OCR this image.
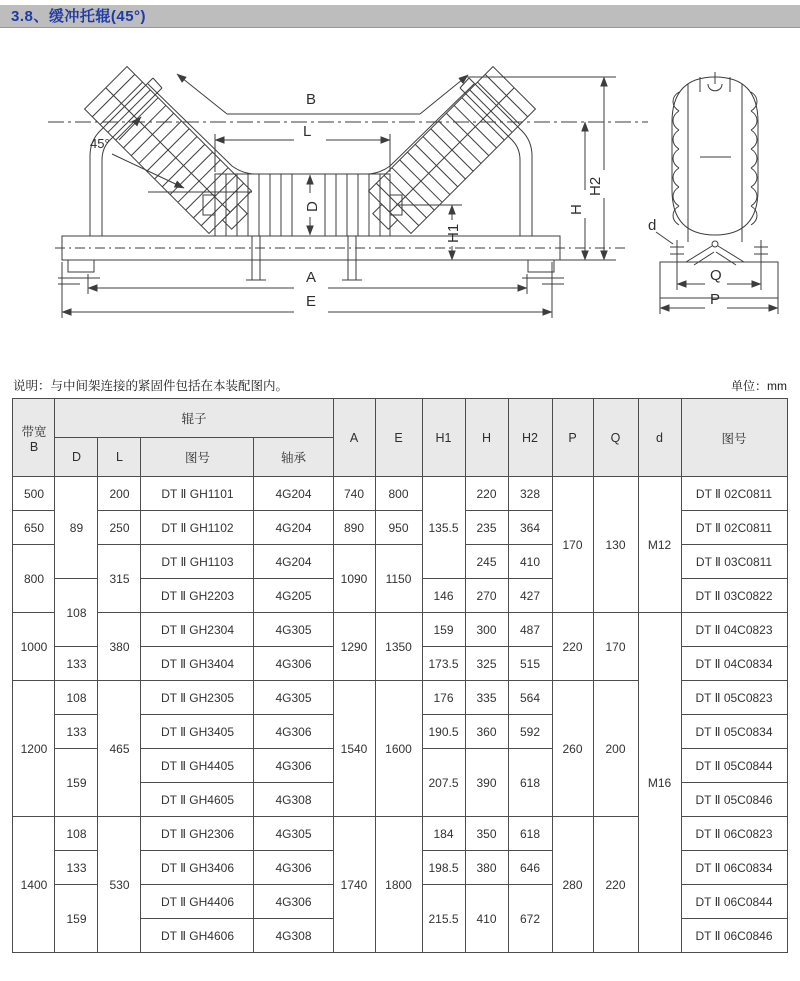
3.8、缓冲托辊(45°)
B
L
45°
D
H1
H
H2
A
E
d
Q
P
说明：与中间架连接的紧固件包括在本装配图内。	单位：mm
带宽
B	辊子				A	E	H1	H	H2	P	Q	d	图号
	D	L	图号	轴承									
500	89	200	DT Ⅱ GH1101	4G204	740	800	135.5	220	328	170	130	M12	DT Ⅱ 02C0811
650		250	DT Ⅱ GH1102	4G204	890	950		235	364				DT Ⅱ 02C0811
800		315	DT Ⅱ GH1103	4G204	1090	1150		245	410				DT Ⅱ 03C0811
	108		DT Ⅱ GH2203	4G205			146	270	427				DT Ⅱ 03C0822
1000		380	DT Ⅱ GH2304	4G305	1290	1350	159	300	487	220	170	M16	DT Ⅱ 04C0823
	133		DT Ⅱ GH3404	4G306			173.5	325	515				DT Ⅱ 04C0834
1200	108	465	DT Ⅱ GH2305	4G305	1540	1600	176	335	564	260	200		DT Ⅱ 05C0823
	133		DT Ⅱ GH3405	4G306			190.5	360	592				DT Ⅱ 05C0834
	159		DT Ⅱ GH4405	4G306			207.5	390	618				DT Ⅱ 05C0844
			DT Ⅱ GH4605	4G308									DT Ⅱ 05C0846
1400	108	530	DT Ⅱ GH2306	4G305	1740	1800	184	350	618	280	220		DT Ⅱ 06C0823
	133		DT Ⅱ GH3406	4G306			198.5	380	646				DT Ⅱ 06C0834
	159		DT Ⅱ GH4406	4G306			215.5	410	672				DT Ⅱ 06C0844
			DT Ⅱ GH4606	4G308									DT Ⅱ 06C0846
